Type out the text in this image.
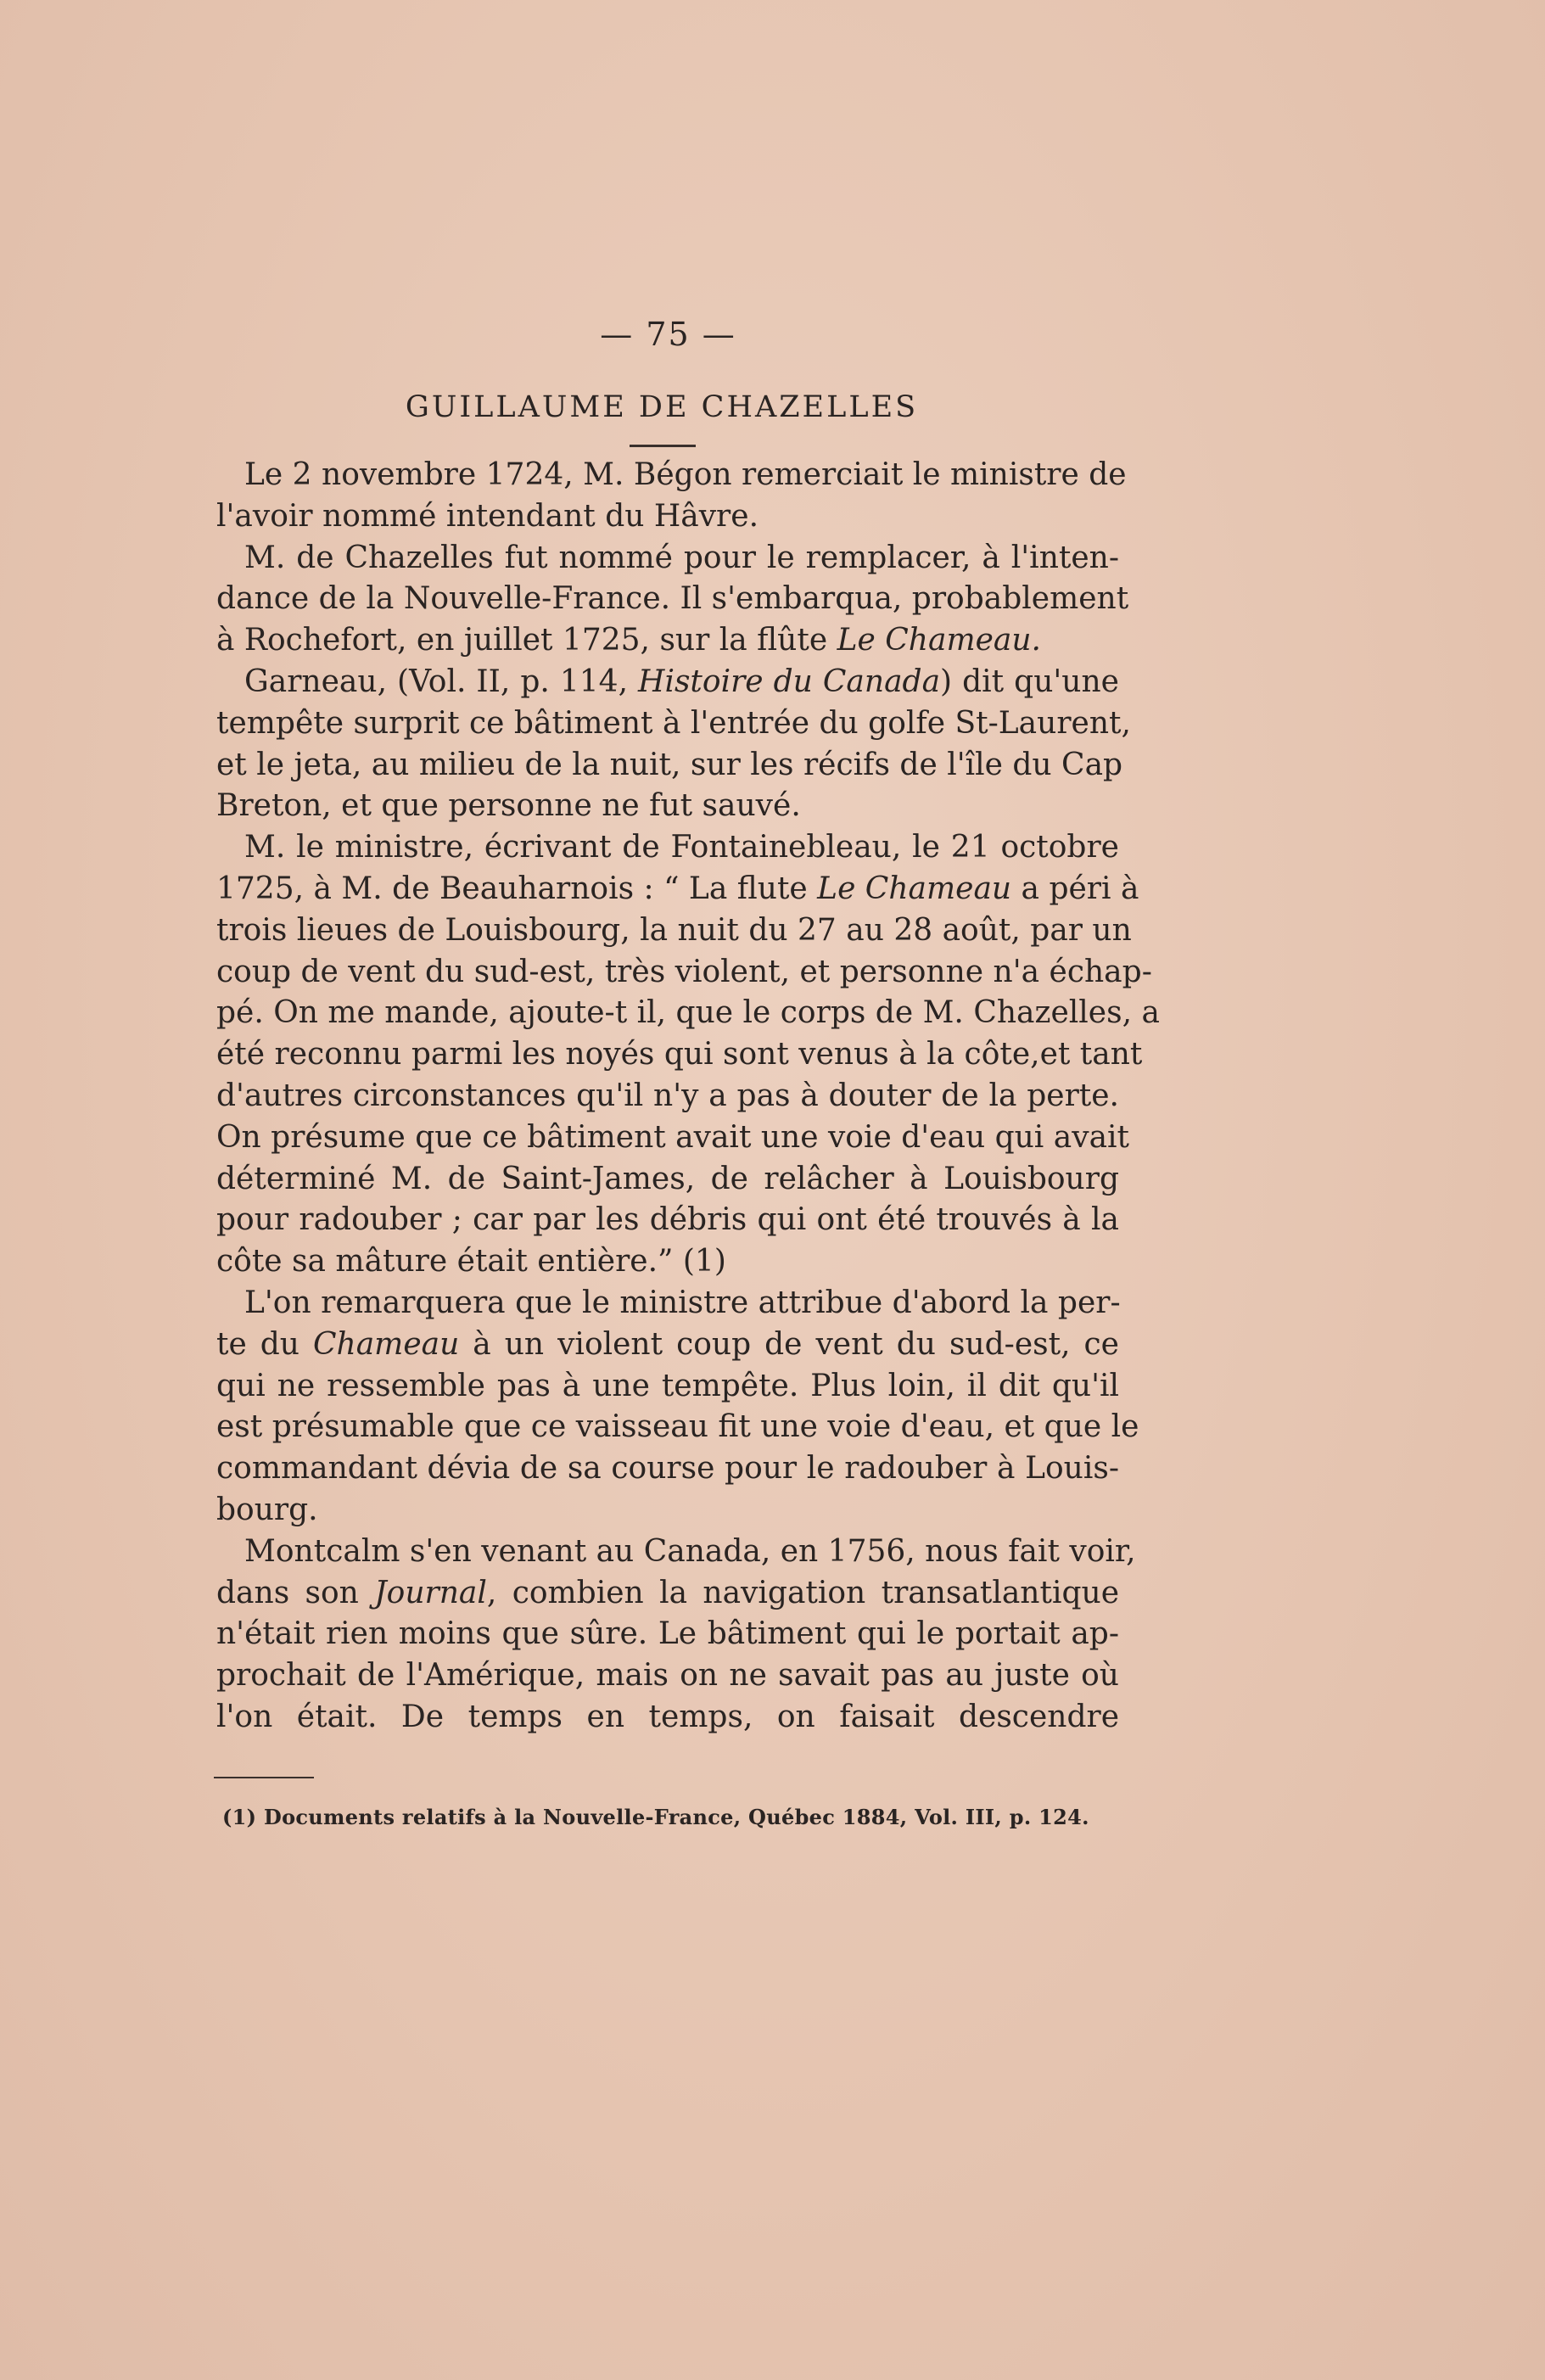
— 75 —
GUILLAUME DE CHAZELLES
Le 2 novembre 1724, M. Bégon remerciait le ministre de
l'avoir nommé intendant du Hâvre.
M. de Chazelles fut nommé pour le remplacer, à l'inten-
dance de la Nouvelle-France. Il s'embarqua, probablement
à Rochefort, en juillet 1725, sur la flûte Le Chameau.
Garneau, (Vol. II, p. 114, Histoire du Canada) dit qu'une
tempête surprit ce bâtiment à l'entrée du golfe St-Laurent,
et le jeta, au milieu de la nuit, sur les récifs de l'île du Cap
Breton, et que personne ne fut sauvé.
M. le ministre, écrivant de Fontainebleau, le 21 octobre
1725, à M. de Beauharnois : “ La flute Le Chameau a péri à
trois lieues de Louisbourg, la nuit du 27 au 28 août, par un
coup de vent du sud-est, très violent, et personne n'a échap-
pé. On me mande, ajoute-t il, que le corps de M. Chazelles, a
été reconnu parmi les noyés qui sont venus à la côte,et tant
d'autres circonstances qu'il n'y a pas à douter de la perte.
On présume que ce bâtiment avait une voie d'eau qui avait
déterminé M. de Saint-James, de relâcher à Louisbourg
pour radouber ; car par les débris qui ont été trouvés à la
côte sa mâture était entière.” (1)
L'on remarquera que le ministre attribue d'abord la per-
te du Chameau à un violent coup de vent du sud-est, ce
qui ne ressemble pas à une tempête. Plus loin, il dit qu'il
est présumable que ce vaisseau fit une voie d'eau, et que le
commandant dévia de sa course pour le radouber à Louis-
bourg.
Montcalm s'en venant au Canada, en 1756, nous fait voir,
dans son Journal, combien la navigation transatlantique
n'était rien moins que sûre. Le bâtiment qui le portait ap-
prochait de l'Amérique, mais on ne savait pas au juste où
l'on était. De temps en temps, on faisait descendre
(1) Documents relatifs à la Nouvelle-France, Québec 1884, Vol. III, p. 124.
